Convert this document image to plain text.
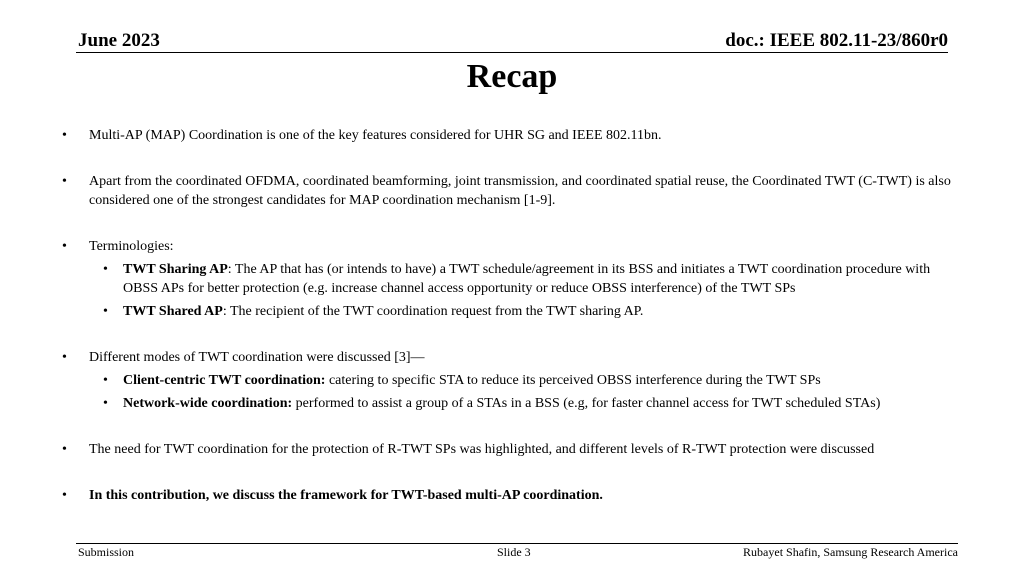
June 2023	doc.: IEEE 802.11-23/860r0
Recap
• Multi-AP (MAP) Coordination is one of the key features considered for UHR SG and IEEE 802.11bn.
• Apart from the coordinated OFDMA, coordinated beamforming, joint transmission, and coordinated spatial reuse, the Coordinated TWT (C-TWT) is also considered one of the strongest candidates for MAP coordination mechanism [1-9].
• Terminologies:
• TWT Sharing AP: The AP that has (or intends to have) a TWT schedule/agreement in its BSS and initiates a TWT coordination procedure with OBSS APs for better protection (e.g. increase channel access opportunity or reduce OBSS interference) of the TWT SPs
• TWT Shared AP: The recipient of the TWT coordination request from the TWT sharing AP.
• Different modes of TWT coordination were discussed [3]—
• Client-centric TWT coordination: catering to specific STA to reduce its perceived OBSS interference during the TWT SPs
• Network-wide coordination: performed to assist a group of a STAs in a BSS (e.g, for faster channel access for TWT scheduled STAs)
• The need for TWT coordination for the protection of R-TWT SPs was highlighted, and different levels of R-TWT protection were discussed
• In this contribution, we discuss the framework for TWT-based multi-AP coordination.
Submission	Slide 3	Rubayet Shafin, Samsung Research America
